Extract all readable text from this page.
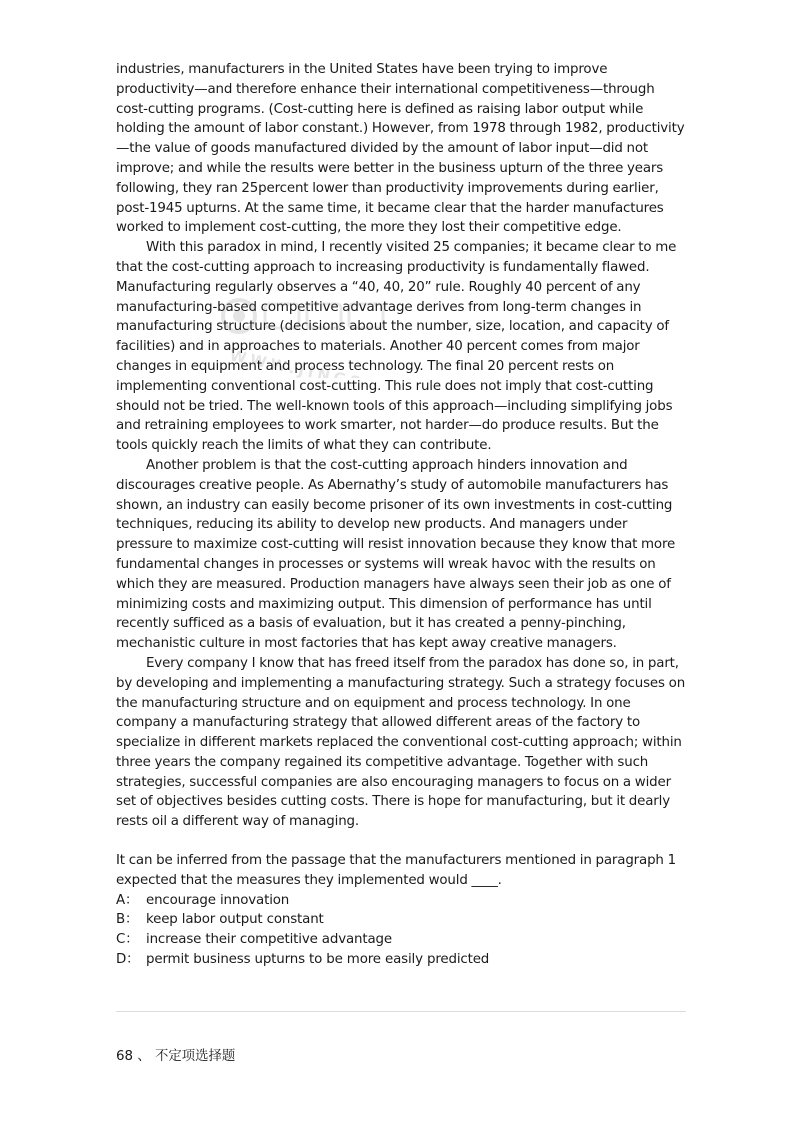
industries, manufacturers in the United States have been trying to improve productivity—and therefore enhance their international competitiveness—through cost-cutting programs. (Cost-cutting here is defined as raising labor output while holding the amount of labor constant.) However, from 1978 through 1982, productivity—the value of goods manufactured divided by the amount of labor input—did not improve; and while the results were better in the business upturn of the three years following, they ran 25percent lower than productivity improvements during earlier, post-1945 upturns. At the same time, it became clear that the harder manufactures worked to implement cost-cutting, the more they lost their competitive edge.

With this paradox in mind, I recently visited 25 companies; it became clear to me that the cost-cutting approach to increasing productivity is fundamentally flawed. Manufacturing regularly observes a “40, 40, 20” rule. Roughly 40 percent of any manufacturing-based competitive advantage derives from long-term changes in manufacturing structure (decisions about the number, size, location, and capacity of facilities) and in approaches to materials. Another 40 percent comes from major changes in equipment and process technology. The final 20 percent rests on implementing conventional cost-cutting. This rule does not imply that cost-cutting should not be tried. The well-known tools of this approach—including simplifying jobs and retraining employees to work smarter, not harder—do produce results. But the tools quickly reach the limits of what they can contribute.

Another problem is that the cost-cutting approach hinders innovation and discourages creative people. As Abernathy’s study of automobile manufacturers has shown, an industry can easily become prisoner of its own investments in cost-cutting techniques, reducing its ability to develop new products. And managers under pressure to maximize cost-cutting will resist innovation because they know that more fundamental changes in processes or systems will wreak havoc with the results on which they are measured. Production managers have always seen their job as one of minimizing costs and maximizing output. This dimension of performance has until recently sufficed as a basis of evaluation, but it has created a penny-pinching, mechanistic culture in most factories that has kept away creative managers.

Every company I know that has freed itself from the paradox has done so, in part, by developing and implementing a manufacturing strategy. Such a strategy focuses on the manufacturing structure and on equipment and process technology. In one company a manufacturing strategy that allowed different areas of the factory to specialize in different markets replaced the conventional cost-cutting approach; within three years the company regained its competitive advantage. Together with such strategies, successful companies are also encouraging managers to focus on a wider set of objectives besides cutting costs. There is hope for manufacturing, but it dearly rests oil a different way of managing.

It can be inferred from the passage that the manufacturers mentioned in paragraph 1 expected that the measures they implemented would ____.

A： encourage innovation
B： keep labor output constant
C： increase their competitive advantage
D： permit business upturns to be more easily predicted
68 、 不定项选择题
